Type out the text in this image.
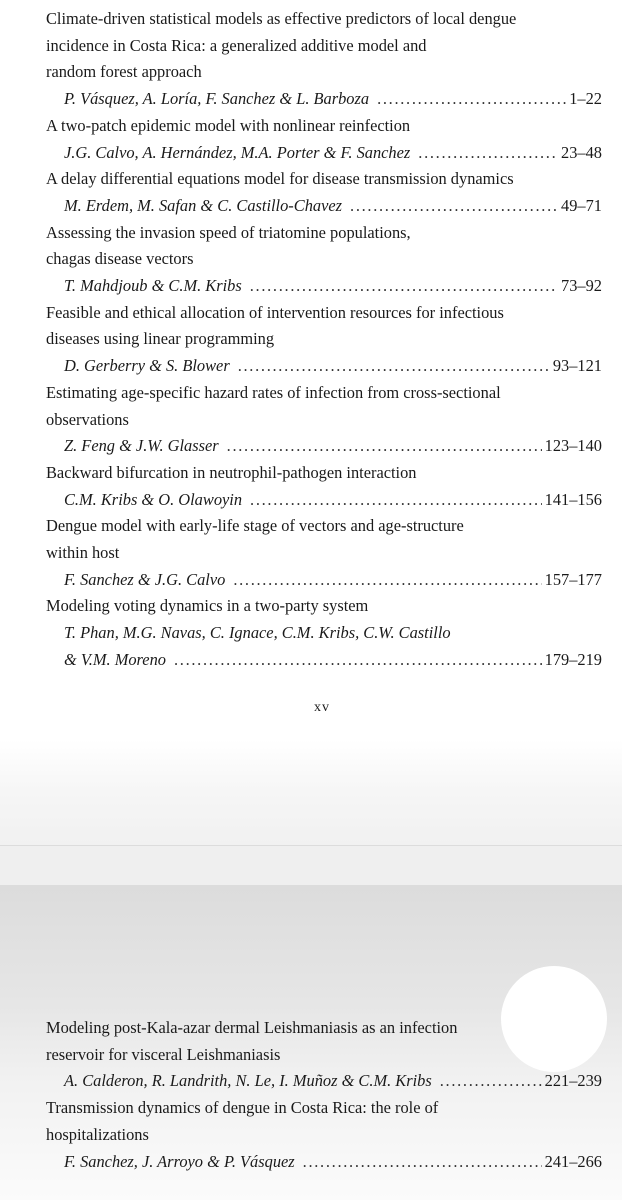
Climate-driven statistical models as effective predictors of local dengue
incidence in Costa Rica: a generalized additive model and
random forest approach
P. Vásquez, A. Loría, F. Sanchez & L. Barboza . . .	1–22
A two-patch epidemic model with nonlinear reinfection
J.G. Calvo, A. Hernández, M.A. Porter & F. Sanchez . . .	23–48
A delay differential equations model for disease transmission dynamics
M. Erdem, M. Safan & C. Castillo-Chavez . . .	49–71
Assessing the invasion speed of triatomine populations,
chagas disease vectors
T. Mahdjoub & C.M. Kribs . . .	73–92
Feasible and ethical allocation of intervention resources for infectious
diseases using linear programming
D. Gerberry & S. Blower . . .	93–121
Estimating age-specific hazard rates of infection from cross-sectional
observations
Z. Feng & J.W. Glasser . . .	123–140
Backward bifurcation in neutrophil-pathogen interaction
C.M. Kribs & O. Olawoyin . . .	141–156
Dengue model with early-life stage of vectors and age-structure
within host
F. Sanchez & J.G. Calvo . . .	157–177
Modeling voting dynamics in a two-party system
T. Phan, M.G. Navas, C. Ignace, C.M. Kribs, C.W. Castillo
& V.M. Moreno . . .	179–219
xv
Modeling post-Kala-azar dermal Leishmaniasis as an infection
reservoir for visceral Leishmaniasis
A. Calderon, R. Landrith, N. Le, I. Muñoz & C.M. Kribs . . .	221–239
Transmission dynamics of dengue in Costa Rica: the role of
hospitalizations
F. Sanchez, J. Arroyo & P. Vásquez . . .	241–266
